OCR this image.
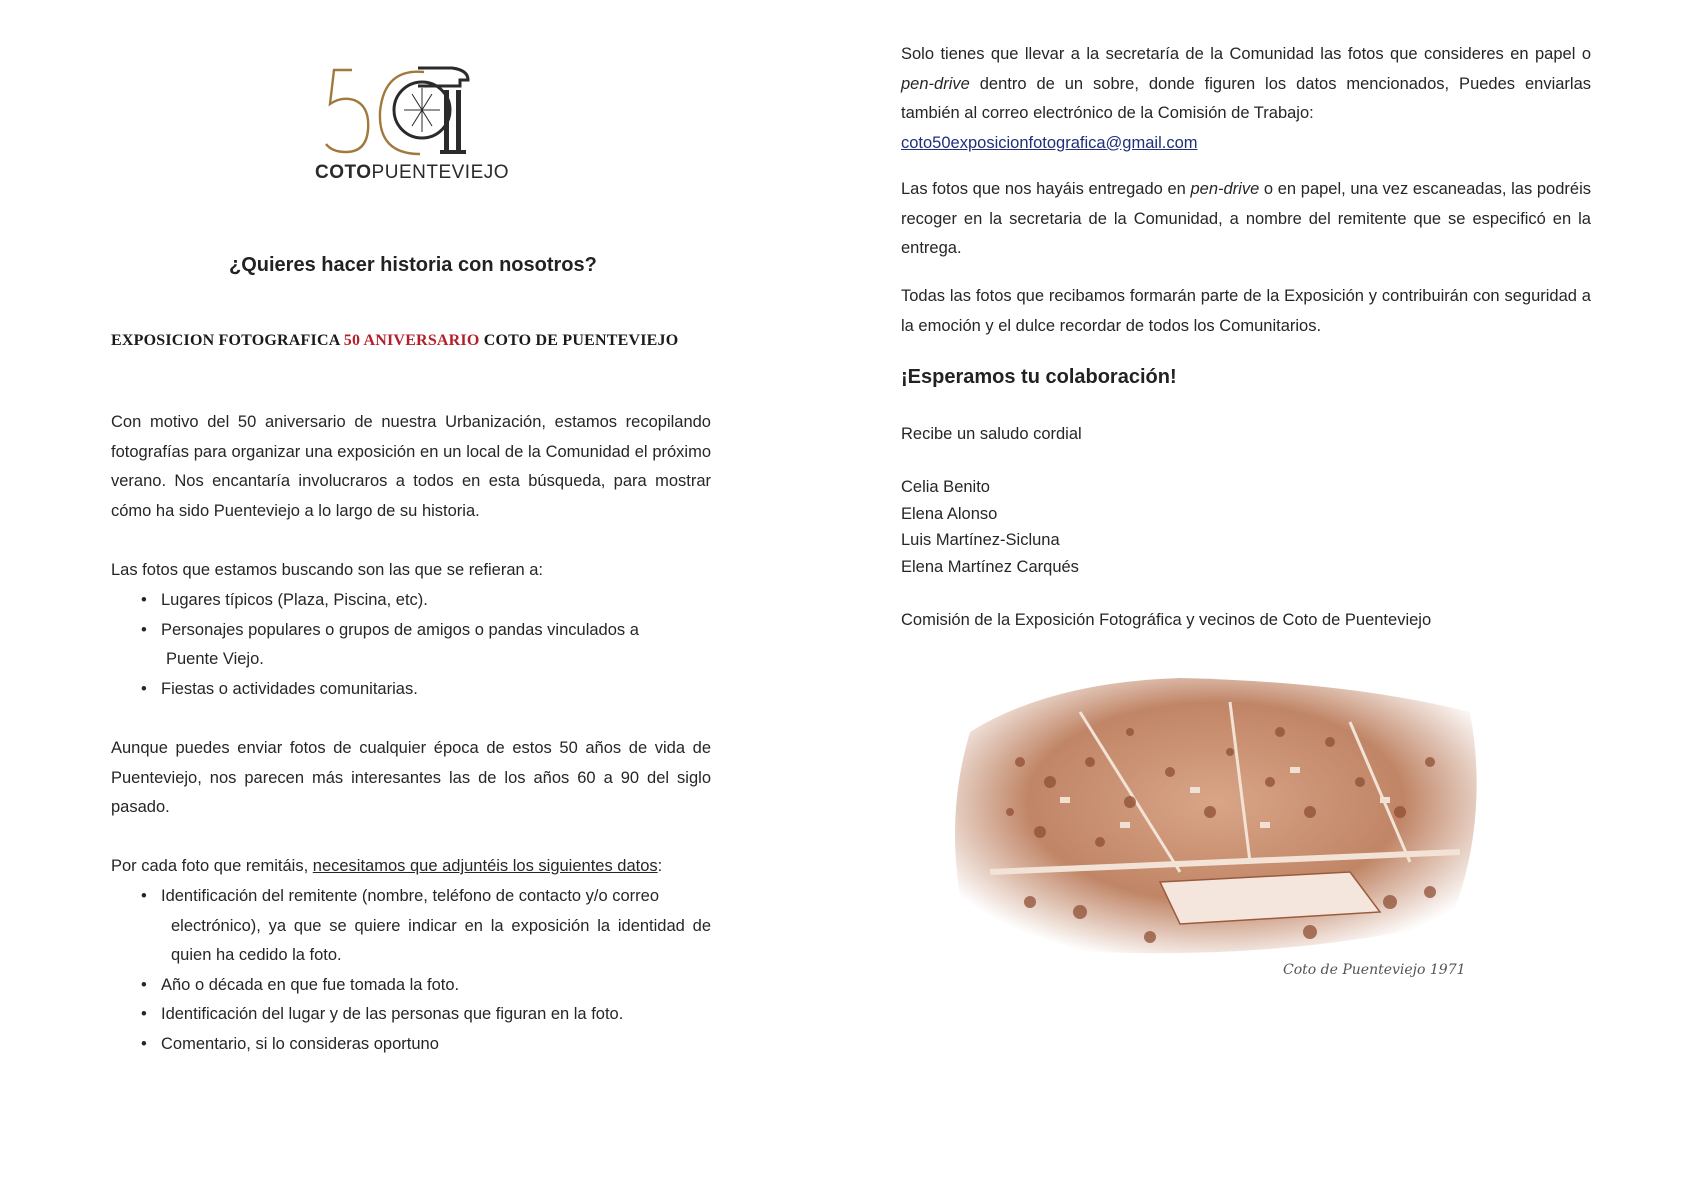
COTOPUENTEVIEJO
¿Quieres hacer historia con nosotros?
EXPOSICION FOTOGRAFICA 50 ANIVERSARIO COTO DE PUENTEVIEJO
Con motivo del 50 aniversario de nuestra Urbanización, estamos recopilando fotografías para organizar una exposición en un local de la Comunidad el próximo verano. Nos encantaría involucraros a todos en esta búsqueda, para mostrar cómo ha sido Puenteviejo a lo largo de su historia.
Las fotos que estamos buscando son las que se refieran a:
• Lugares típicos (Plaza, Piscina, etc).
• Personajes populares o grupos de amigos o pandas vinculados a
Puente Viejo.
• Fiestas o actividades comunitarias.
Aunque puedes enviar fotos de cualquier época de estos 50 años de vida de Puenteviejo, nos parecen más interesantes las de los años 60 a 90 del siglo pasado.
Por cada foto que remitáis, necesitamos que adjuntéis los siguientes datos:
• Identificación del remitente (nombre, teléfono de contacto y/o correo
electrónico), ya que se quiere indicar en la exposición la identidad de quien ha cedido la foto.
• Año o década en que fue tomada la foto.
• Identificación del lugar y de las personas que figuran en la foto.
• Comentario, si lo consideras oportuno
Solo tienes que llevar a la secretaría de la Comunidad las fotos que consideres en papel o pen-drive dentro de un sobre, donde figuren los datos mencionados, Puedes enviarlas también al correo electrónico de la Comisión de Trabajo:
coto50exposicionfotografica@gmail.com
Las fotos que nos hayáis entregado en pen-drive o en papel, una vez escaneadas, las podréis recoger en la secretaria de la Comunidad, a nombre del remitente que se especificó en la entrega.
Todas las fotos que recibamos formarán parte de la Exposición y contribuirán con seguridad a la emoción y el dulce recordar de todos los Comunitarios.
¡Esperamos tu colaboración!
Recibe un saludo cordial
Celia Benito
Elena Alonso
Luis Martínez-Sicluna
Elena Martínez Carqués
Comisión de la Exposición Fotográfica y vecinos de Coto de Puenteviejo
Coto de Puenteviejo 1971
